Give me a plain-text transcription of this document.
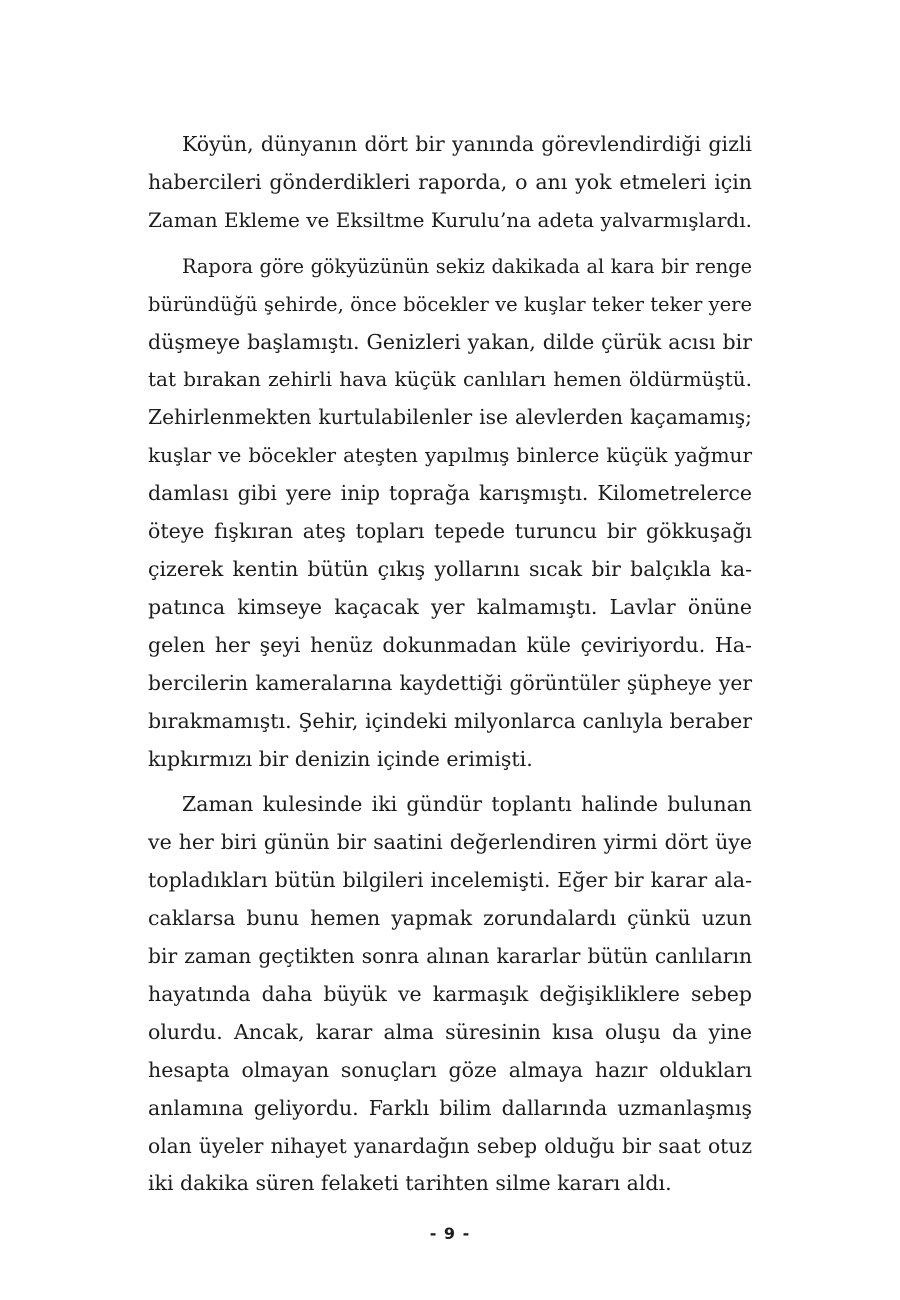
Köyün, dünyanın dört bir yanında görevlendirdiği gizli
habercileri gönderdikleri raporda, o anı yok etmeleri için
Zaman Ekleme ve Eksiltme Kurulu’na adeta yalvarmışlardı.
Rapora göre gökyüzünün sekiz dakikada al kara bir renge
büründüğü şehirde, önce böcekler ve kuşlar teker teker yere
düşmeye başlamıştı. Genizleri yakan, dilde çürük acısı bir
tat bırakan zehirli hava küçük canlıları hemen öldürmüştü.
Zehirlenmekten kurtulabilenler ise alevlerden kaçamamış;
kuşlar ve böcekler ateşten yapılmış binlerce küçük yağmur
damlası gibi yere inip toprağa karışmıştı. Kilometrelerce
öteye fışkıran ateş topları tepede turuncu bir gökkuşağı
çizerek kentin bütün çıkış yollarını sıcak bir balçıkla ka-
patınca kimseye kaçacak yer kalmamıştı. Lavlar önüne
gelen her şeyi henüz dokunmadan küle çeviriyordu. Ha-
bercilerin kameralarına kaydettiği görüntüler şüpheye yer
bırakmamıştı. Şehir, içindeki milyonlarca canlıyla beraber
kıpkırmızı bir denizin içinde erimişti.
Zaman kulesinde iki gündür toplantı halinde bulunan
ve her biri günün bir saatini değerlendiren yirmi dört üye
topladıkları bütün bilgileri incelemişti. Eğer bir karar ala-
caklarsa bunu hemen yapmak zorundalardı çünkü uzun
bir zaman geçtikten sonra alınan kararlar bütün canlıların
hayatında daha büyük ve karmaşık değişikliklere sebep
olurdu. Ancak, karar alma süresinin kısa oluşu da yine
hesapta olmayan sonuçları göze almaya hazır oldukları
anlamına geliyordu. Farklı bilim dallarında uzmanlaşmış
olan üyeler nihayet yanardağın sebep olduğu bir saat otuz
iki dakika süren felaketi tarihten silme kararı aldı.
- 9 -
